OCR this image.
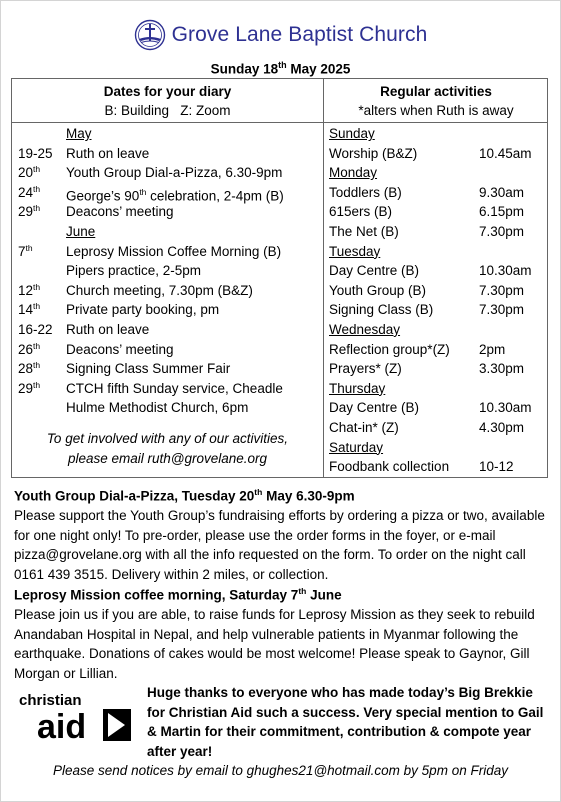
Grove Lane Baptist Church
Sunday 18th May 2025
Dates for your diary
B: Building   Z: Zoom
Regular activities
*alters when Ruth is away
May
19-25 Ruth on leave
20th	Youth Group Dial-a-Pizza, 6.30-9pm
24th	George’s 90th celebration, 2-4pm (B)
29th	Deacons’ meeting
June
7th	Leprosy Mission Coffee Morning (B)
Pipers practice, 2-5pm
12th	Church meeting, 7.30pm (B&Z)
14th	Private party booking, pm
16-22 Ruth on leave
26th	Deacons’ meeting
28th	Signing Class Summer Fair
29th	CTCH fifth Sunday service, Cheadle
Hulme Methodist Church, 6pm
To get involved with any of our activities,
please email ruth@grovelane.org
Sunday
Worship (B&Z)	10.45am
Monday
Toddlers (B)	9.30am
615ers (B)	6.15pm
The Net (B)	7.30pm
Tuesday
Day Centre (B)	10.30am
Youth Group (B)	7.30pm
Signing Class (B)	7.30pm
Wednesday
Reflection group*(Z)	2pm
Prayers* (Z)	3.30pm
Thursday
Day Centre (B)	10.30am
Chat-in* (Z)	4.30pm
Saturday
Foodbank collection	10-12
Youth Group Dial-a-Pizza, Tuesday 20th May 6.30-9pm
Please support the Youth Group’s fundraising efforts by ordering a pizza or two, available for one night only! To pre-order, please use the order forms in the foyer, or e-mail pizza@grovelane.org with all the info requested on the form. To order on the night call 0161 439 3515. Delivery within 2 miles, or collection.
Leprosy Mission coffee morning, Saturday 7th June
Please join us if you are able, to raise funds for Leprosy Mission as they seek to rebuild Anandaban Hospital in Nepal, and help vulnerable patients in Myanmar following the earthquake. Donations of cakes would be most welcome! Please speak to Gaynor, Gill Morgan or Lillian.
christian
aid
Huge thanks to everyone who has made today’s Big Brekkie for Christian Aid such a success. Very special mention to Gail & Martin for their commitment, contribution & compote year after year!
Please send notices by email to ghughes21@hotmail.com by 5pm on Friday
